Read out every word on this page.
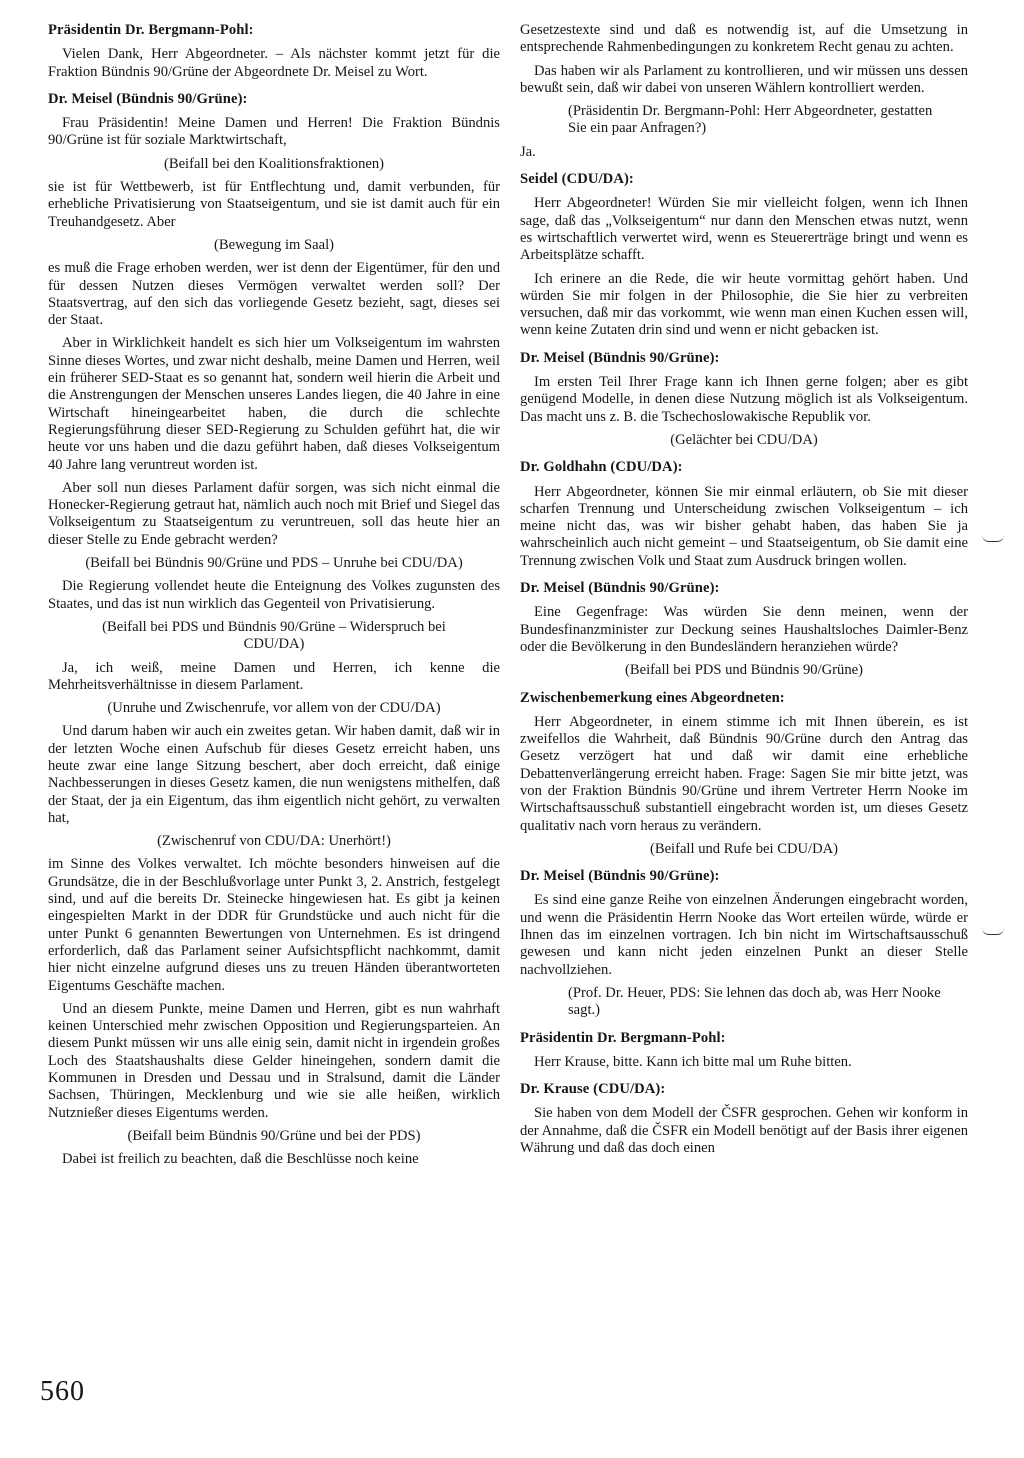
Präsidentin Dr. Bergmann-Pohl:

Vielen Dank, Herr Abgeordneter. – Als nächster kommt jetzt für die Fraktion Bündnis 90/Grüne der Abgeordnete Dr. Meisel zu Wort.

Dr. Meisel (Bündnis 90/Grüne):

Frau Präsidentin! Meine Damen und Herren! Die Fraktion Bündnis 90/Grüne ist für soziale Marktwirtschaft,

(Beifall bei den Koalitionsfraktionen)

sie ist für Wettbewerb, ist für Entflechtung und, damit verbunden, für erhebliche Privatisierung von Staatseigentum, und sie ist damit auch für ein Treuhandgesetz. Aber

(Bewegung im Saal)

es muß die Frage erhoben werden, wer ist denn der Eigentümer, für den und für dessen Nutzen dieses Vermögen verwaltet werden soll? Der Staatsvertrag, auf den sich das vorliegende Gesetz bezieht, sagt, dieses sei der Staat.

Aber in Wirklichkeit handelt es sich hier um Volkseigentum im wahrsten Sinne dieses Wortes, und zwar nicht deshalb, meine Damen und Herren, weil ein früherer SED-Staat es so genannt hat, sondern weil hierin die Arbeit und die Anstrengungen der Menschen unseres Landes liegen, die 40 Jahre in eine Wirtschaft hineingearbeitet haben, die durch die schlechte Regierungsführung dieser SED-Regierung zu Schulden geführt hat, die wir heute vor uns haben und die dazu geführt haben, daß dieses Volkseigentum 40 Jahre lang veruntreut worden ist.

Aber soll nun dieses Parlament dafür sorgen, was sich nicht einmal die Honecker-Regierung getraut hat, nämlich auch noch mit Brief und Siegel das Volkseigentum zu Staatseigentum zu veruntreuen, soll das heute hier an dieser Stelle zu Ende gebracht werden?

(Beifall bei Bündnis 90/Grüne und PDS – Unruhe bei CDU/DA)

Die Regierung vollendet heute die Enteignung des Volkes zugunsten des Staates, und das ist nun wirklich das Gegenteil von Privatisierung.

(Beifall bei PDS und Bündnis 90/Grüne – Widerspruch bei CDU/DA)

Ja, ich weiß, meine Damen und Herren, ich kenne die Mehrheitsverhältnisse in diesem Parlament.

(Unruhe und Zwischenrufe, vor allem von der CDU/DA)

Und darum haben wir auch ein zweites getan. Wir haben damit, daß wir in der letzten Woche einen Aufschub für dieses Gesetz erreicht haben, uns heute zwar eine lange Sitzung beschert, aber doch erreicht, daß einige Nachbesserungen in dieses Gesetz kamen, die nun wenigstens mithelfen, daß der Staat, der ja ein Eigentum, das ihm eigentlich nicht gehört, zu verwalten hat,

(Zwischenruf von CDU/DA: Unerhört!)

im Sinne des Volkes verwaltet. Ich möchte besonders hinweisen auf die Grundsätze, die in der Beschlußvorlage unter Punkt 3, 2. Anstrich, festgelegt sind, und auf die bereits Dr. Steinecke hingewiesen hat. Es gibt ja keinen eingespielten Markt in der DDR für Grundstücke und auch nicht für die unter Punkt 6 genannten Bewertungen von Unternehmen. Es ist dringend erforderlich, daß das Parlament seiner Aufsichtspflicht nachkommt, damit hier nicht einzelne aufgrund dieses uns zu treuen Händen überantworteten Eigentums Geschäfte machen.

Und an diesem Punkte, meine Damen und Herren, gibt es nun wahrhaft keinen Unterschied mehr zwischen Opposition und Regierungsparteien. An diesem Punkt müssen wir uns alle einig sein, damit nicht in irgendein großes Loch des Staatshaushalts diese Gelder hineingehen, sondern damit die Kommunen in Dresden und Dessau und in Stralsund, damit die Länder Sachsen, Thüringen, Mecklenburg und wie sie alle heißen, wirklich Nutznießer dieses Eigentums werden.

(Beifall beim Bündnis 90/Grüne und bei der PDS)

Dabei ist freilich zu beachten, daß die Beschlüsse noch keine

Gesetzestexte sind und daß es notwendig ist, auf die Umsetzung in entsprechende Rahmenbedingungen zu konkretem Recht genau zu achten.

Das haben wir als Parlament zu kontrollieren, und wir müssen uns dessen bewußt sein, daß wir dabei von unseren Wählern kontrolliert werden.

(Präsidentin Dr. Bergmann-Pohl: Herr Abgeordneter, gestatten Sie ein paar Anfragen?)

Ja.

Seidel (CDU/DA):

Herr Abgeordneter! Würden Sie mir vielleicht folgen, wenn ich Ihnen sage, daß das „Volkseigentum“ nur dann den Menschen etwas nutzt, wenn es wirtschaftlich verwertet wird, wenn es Steuererträge bringt und wenn es Arbeitsplätze schafft.

Ich erinere an die Rede, die wir heute vormittag gehört haben. Und würden Sie mir folgen in der Philosophie, die Sie hier zu verbreiten versuchen, daß mir das vorkommt, wie wenn man einen Kuchen essen will, wenn keine Zutaten drin sind und wenn er nicht gebacken ist.

Dr. Meisel (Bündnis 90/Grüne):

Im ersten Teil Ihrer Frage kann ich Ihnen gerne folgen; aber es gibt genügend Modelle, in denen diese Nutzung möglich ist als Volkseigentum. Das macht uns z. B. die Tschechoslowakische Republik vor.

(Gelächter bei CDU/DA)

Dr. Goldhahn (CDU/DA):

Herr Abgeordneter, können Sie mir einmal erläutern, ob Sie mit dieser scharfen Trennung und Unterscheidung zwischen Volkseigentum – ich meine nicht das, was wir bisher gehabt haben, das haben Sie ja wahrscheinlich auch nicht gemeint – und Staatseigentum, ob Sie damit eine Trennung zwischen Volk und Staat zum Ausdruck bringen wollen.

Dr. Meisel (Bündnis 90/Grüne):

Eine Gegenfrage: Was würden Sie denn meinen, wenn der Bundesfinanzminister zur Deckung seines Haushaltsloches Daimler-Benz oder die Bevölkerung in den Bundesländern heranziehen würde?

(Beifall bei PDS und Bündnis 90/Grüne)

Zwischenbemerkung eines Abgeordneten:

Herr Abgeordneter, in einem stimme ich mit Ihnen überein, es ist zweifellos die Wahrheit, daß Bündnis 90/Grüne durch den Antrag das Gesetz verzögert hat und daß wir damit eine erhebliche Debattenverlängerung erreicht haben. Frage: Sagen Sie mir bitte jetzt, was von der Fraktion Bündnis 90/Grüne und ihrem Vertreter Herrn Nooke im Wirtschaftsausschuß substantiell eingebracht worden ist, um dieses Gesetz qualitativ nach vorn heraus zu verändern.

(Beifall und Rufe bei CDU/DA)

Dr. Meisel (Bündnis 90/Grüne):

Es sind eine ganze Reihe von einzelnen Änderungen eingebracht worden, und wenn die Präsidentin Herrn Nooke das Wort erteilen würde, würde er Ihnen das im einzelnen vortragen. Ich bin nicht im Wirtschaftsausschuß gewesen und kann nicht jeden einzelnen Punkt an dieser Stelle nachvollziehen.

(Prof. Dr. Heuer, PDS: Sie lehnen das doch ab, was Herr Nooke sagt.)

Präsidentin Dr. Bergmann-Pohl:

Herr Krause, bitte. Kann ich bitte mal um Ruhe bitten.

Dr. Krause (CDU/DA):

Sie haben von dem Modell der ČSFR gesprochen. Gehen wir konform in der Annahme, daß die ČSFR ein Modell benötigt auf der Basis ihrer eigenen Währung und daß das doch einen

560
